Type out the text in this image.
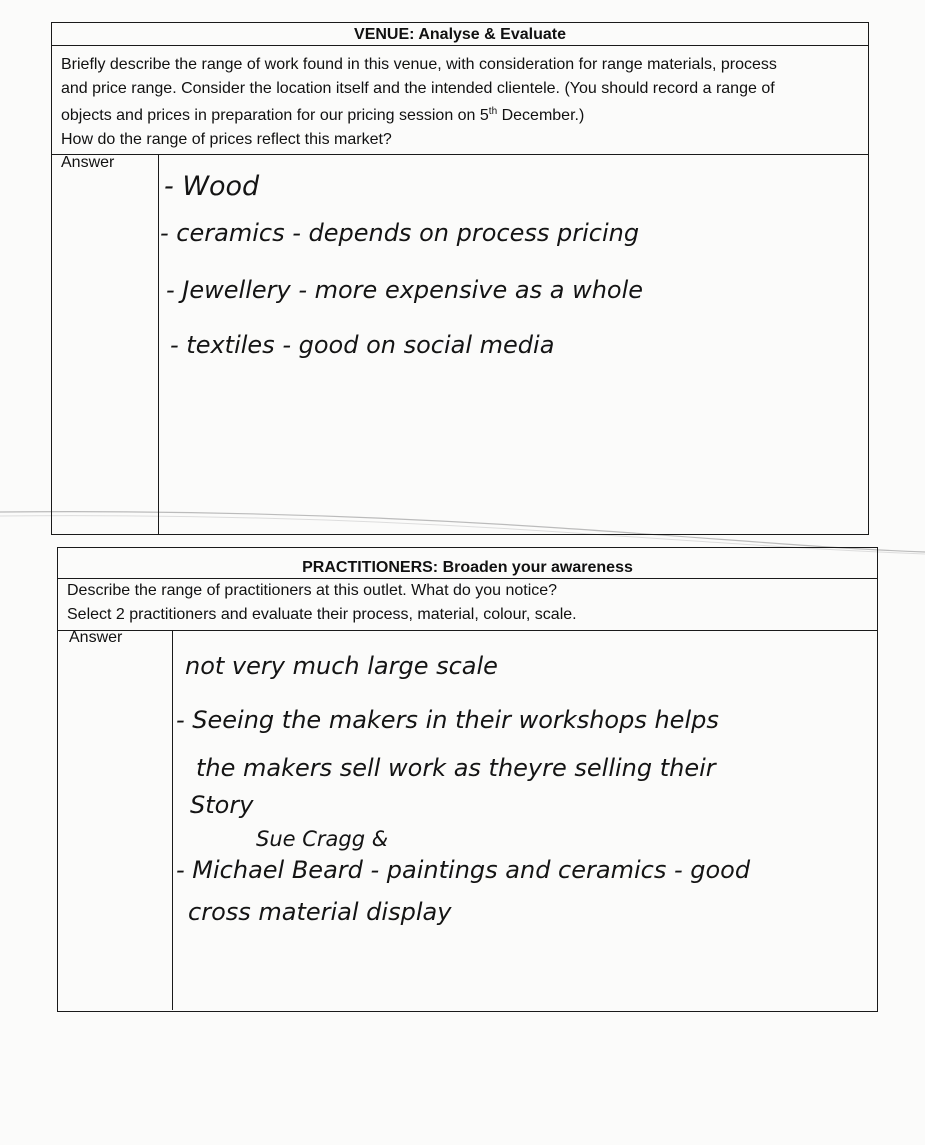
VENUE: Analyse & Evaluate

Briefly describe the range of work found in this venue, with consideration for range materials, process

and price range. Consider the location itself and the intended clientele. (You should record a range of

objects and prices in preparation for our pricing session on 5th December.)

How do the range of prices reflect this market?

Answer
- Wood
- ceramics - depends on process pricing
- Jewellery - more expensive as a whole
- textiles - good on social media
PRACTITIONERS: Broaden your awareness

Describe the range of practitioners at this outlet. What do you notice?

Select 2 practitioners and evaluate their process, material, colour, scale.

Answer
not very much large scale
- Seeing the makers in their workshops helps
the makers sell work as theyre selling their
Story
Sue Cragg &
- Michael Beard - paintings and ceramics - good
cross material display
